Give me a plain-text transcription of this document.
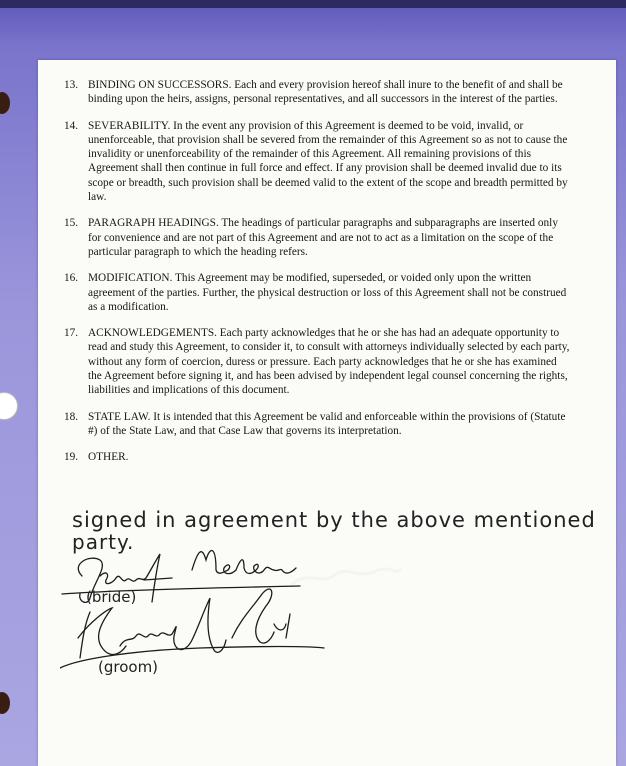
13. BINDING ON SUCCESSORS. Each and every provision hereof shall inure to the benefit of and shall be binding upon the heirs, assigns, personal representatives, and all successors in the interest of the parties.
14. SEVERABILITY. In the event any provision of this Agreement is deemed to be void, invalid, or unenforceable, that provision shall be severed from the remainder of this Agreement so as not to cause the invalidity or unenforceability of the remainder of this Agreement. All remaining provisions of this Agreement shall then continue in full force and effect. If any provision shall be deemed invalid due to its scope or breadth, such provision shall be deemed valid to the extent of the scope and breadth permitted by law.
15. PARAGRAPH HEADINGS. The headings of particular paragraphs and subparagraphs are inserted only for convenience and are not part of this Agreement and are not to act as a limitation on the scope of the particular paragraph to which the heading refers.
16. MODIFICATION. This Agreement may be modified, superseded, or voided only upon the written agreement of the parties. Further, the physical destruction or loss of this Agreement shall not be construed as a modification.
17. ACKNOWLEDGEMENTS. Each party acknowledges that he or she has had an adequate opportunity to read and study this Agreement, to consider it, to consult with attorneys individually selected by each party, without any form of coercion, duress or pressure. Each party acknowledges that he or she has examined the Agreement before signing it, and has been advised by independent legal counsel concerning the rights, liabilities and implications of this document.
18. STATE LAW. It is intended that this Agreement be valid and enforceable within the provisions of (Statute #) of the State Law, and that Case Law that governs its interpretation.
19. OTHER.
signed in agreement by the above mentioned
party.
(bride)
(groom)
